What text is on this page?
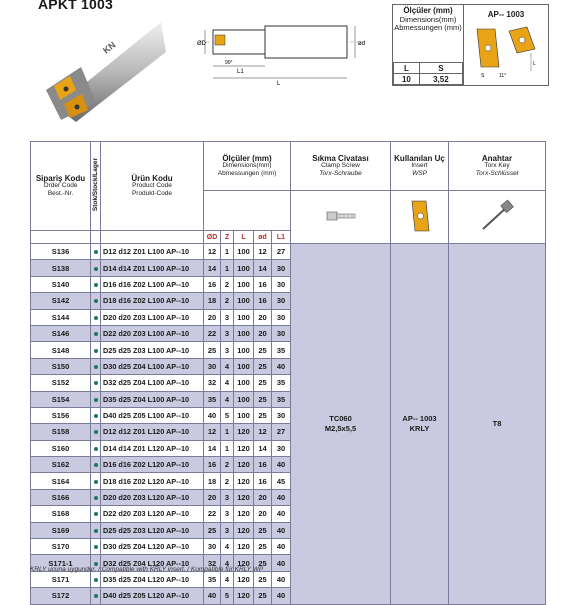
APKT 1003
KN	ØD	ød
90°
L1
L
Ölçüler (mm)
Dimensions(mm)
Abmessungen (mm)
AP-- 1003
L
S	11°
L	S
10	3,52
Sipariş Kodu
Order Code
Best.-Nr.	Stok/Stock/Lager	Ürün Kodu
Product Code
Produkt-Code	Ölçüler (mm)
Dimensions(mm)
Abmessungen (mm)					Sıkma Civatası
Clamp Screw
Torx-Schraube	Kullanılan Uç
Insert
WSP	Anahtar
Torx Key
Torx-Schlüssel

			ØD	Z	L	ød	L1			
S136		D12 d12 Z01 L100 AP--10	12	1	100	12	27	TC060
M2,5x5,5	AP-- 1003
KRLY	T8
S138		D14 d14 Z01 L100 AP--10	14	1	100	14	30			
S140		D16 d16 Z02 L100 AP--10	16	2	100	16	30			
S142		D18 d16 Z02 L100 AP--10	18	2	100	16	30			
S144		D20 d20 Z03 L100 AP--10	20	3	100	20	30			
S146		D22 d20 Z03 L100 AP--10	22	3	100	20	30			
S148		D25 d25 Z03 L100 AP--10	25	3	100	25	35			
S150		D30 d25 Z04 L100 AP--10	30	4	100	25	40			
S152		D32 d25 Z04 L100 AP--10	32	4	100	25	35			
S154		D35 d25 Z04 L100 AP--10	35	4	100	25	35			
S156		D40 d25 Z05 L100 AP--10	40	5	100	25	30			
S158		D12 d12 Z01 L120 AP--10	12	1	120	12	27			
S160		D14 d14 Z01 L120 AP--10	14	1	120	14	30			
S162		D16 d16 Z02 L120 AP--10	16	2	120	16	40			
S164		D18 d16 Z02 L120 AP--10	18	2	120	16	45			
S166		D20 d20 Z03 L120 AP--10	20	3	120	20	40			
S168		D22 d20 Z03 L120 AP--10	22	3	120	20	40			
S169		D25 d25 Z03 L120 AP--10	25	3	120	25	40			
S170		D30 d25 Z04 L120 AP--10	30	4	120	25	40			
S171-1		D32 d25 Z04 L120 AP--10	32	4	120	25	40			
S171		D35 d25 Z04 L120 AP--10	35	4	120	25	40			
S172		D40 d25 Z05 L120 AP--10	40	5	120	25	40			
KRLY ucuna uygundur. / Compatible with KRLY insert. / Kompatible für KRLY WP
